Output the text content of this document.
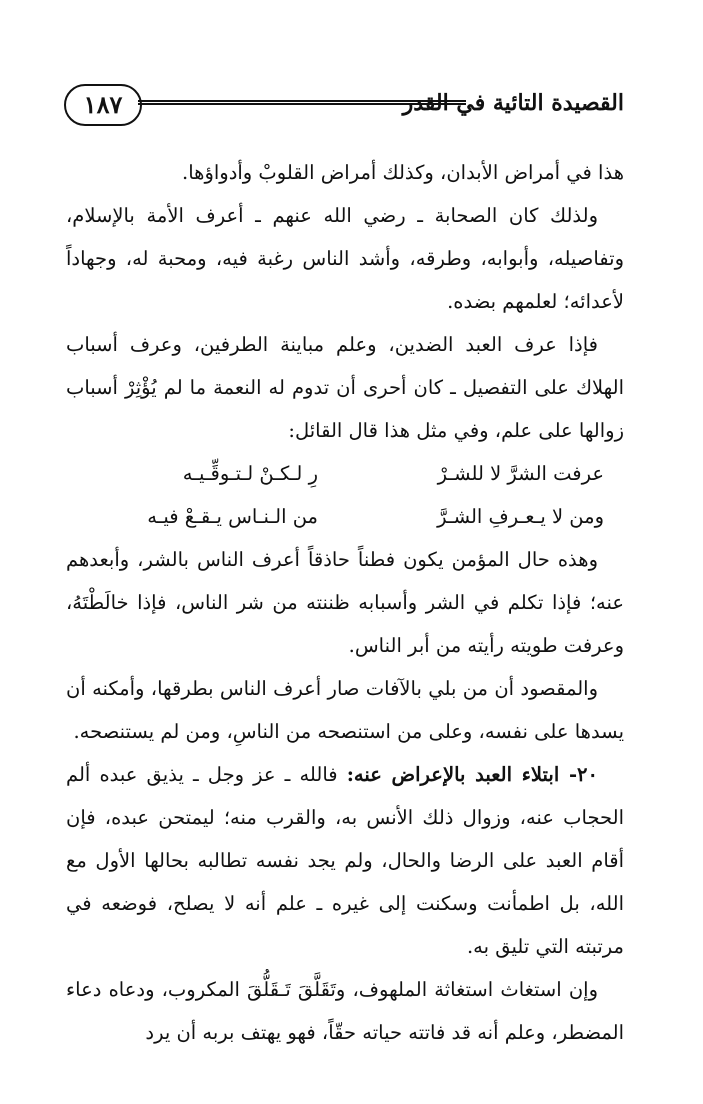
١٨٧	القصيدة التائية في القدر

هذا في أمراض الأبدان، وكذلك أمراض القلوبْ وأدواؤها.

ولذلك كان الصحابة ـ رضي الله عنهم ـ أعرف الأمة بالإسلام، وتفاصيله، وأبوابه، وطرقه، وأشد الناس رغبة فيه، ومحبة له، وجهاداً لأعدائه؛ لعلمهم بضده.

فإذا عرف العبد الضدين، وعلم مباينة الطرفين، وعرف أسباب الهلاك على التفصيل ـ كان أحرى أن تدوم له النعمة ما لم يُؤْثِرْ أسباب زوالها على علم، وفي مثل هذا قال القائل:

عرفت الشرَّ لا للشـرْ
رِ لـكـنْ لـتـوقِّـيـه
ومن لا يـعـرفِ الشـرَّ
من الـنـاس يـقـعْ فيـه

وهذه حال المؤمن يكون فطناً حاذقاً أعرف الناس بالشر، وأبعدهم عنه؛ فإذا تكلم في الشر وأسبابه ظننته من شر الناس، فإذا خالَطْتَهُ، وعرفت طويته رأيته من أبر الناس.

والمقصود أن من بلي بالآفات صار أعرف الناس بطرقها، وأمكنه أن يسدها على نفسه، وعلى من استنصحه من الناسِ، ومن لم يستنصحه.

٢٠- ابتلاء العبد بالإعراض عنه: فالله ـ عز وجل ـ يذيق عبده ألم الحجاب عنه، وزوال ذلك الأنس به، والقرب منه؛ ليمتحن عبده، فإن أقام العبد على الرضا والحال، ولم يجد نفسه تطالبه بحالها الأول مع الله، بل اطمأنت وسكنت إلى غيره ـ علم أنه لا يصلح، فوضعه في مرتبته التي تليق به.

وإن استغاث استغاثة الملهوف، وتَقَلَّقَ تَـقَلُّقَ المكروب، ودعاه دعاء المضطر، وعلم أنه قد فاتته حياته حقّاً، فهو يهتف بربه أن يرد
